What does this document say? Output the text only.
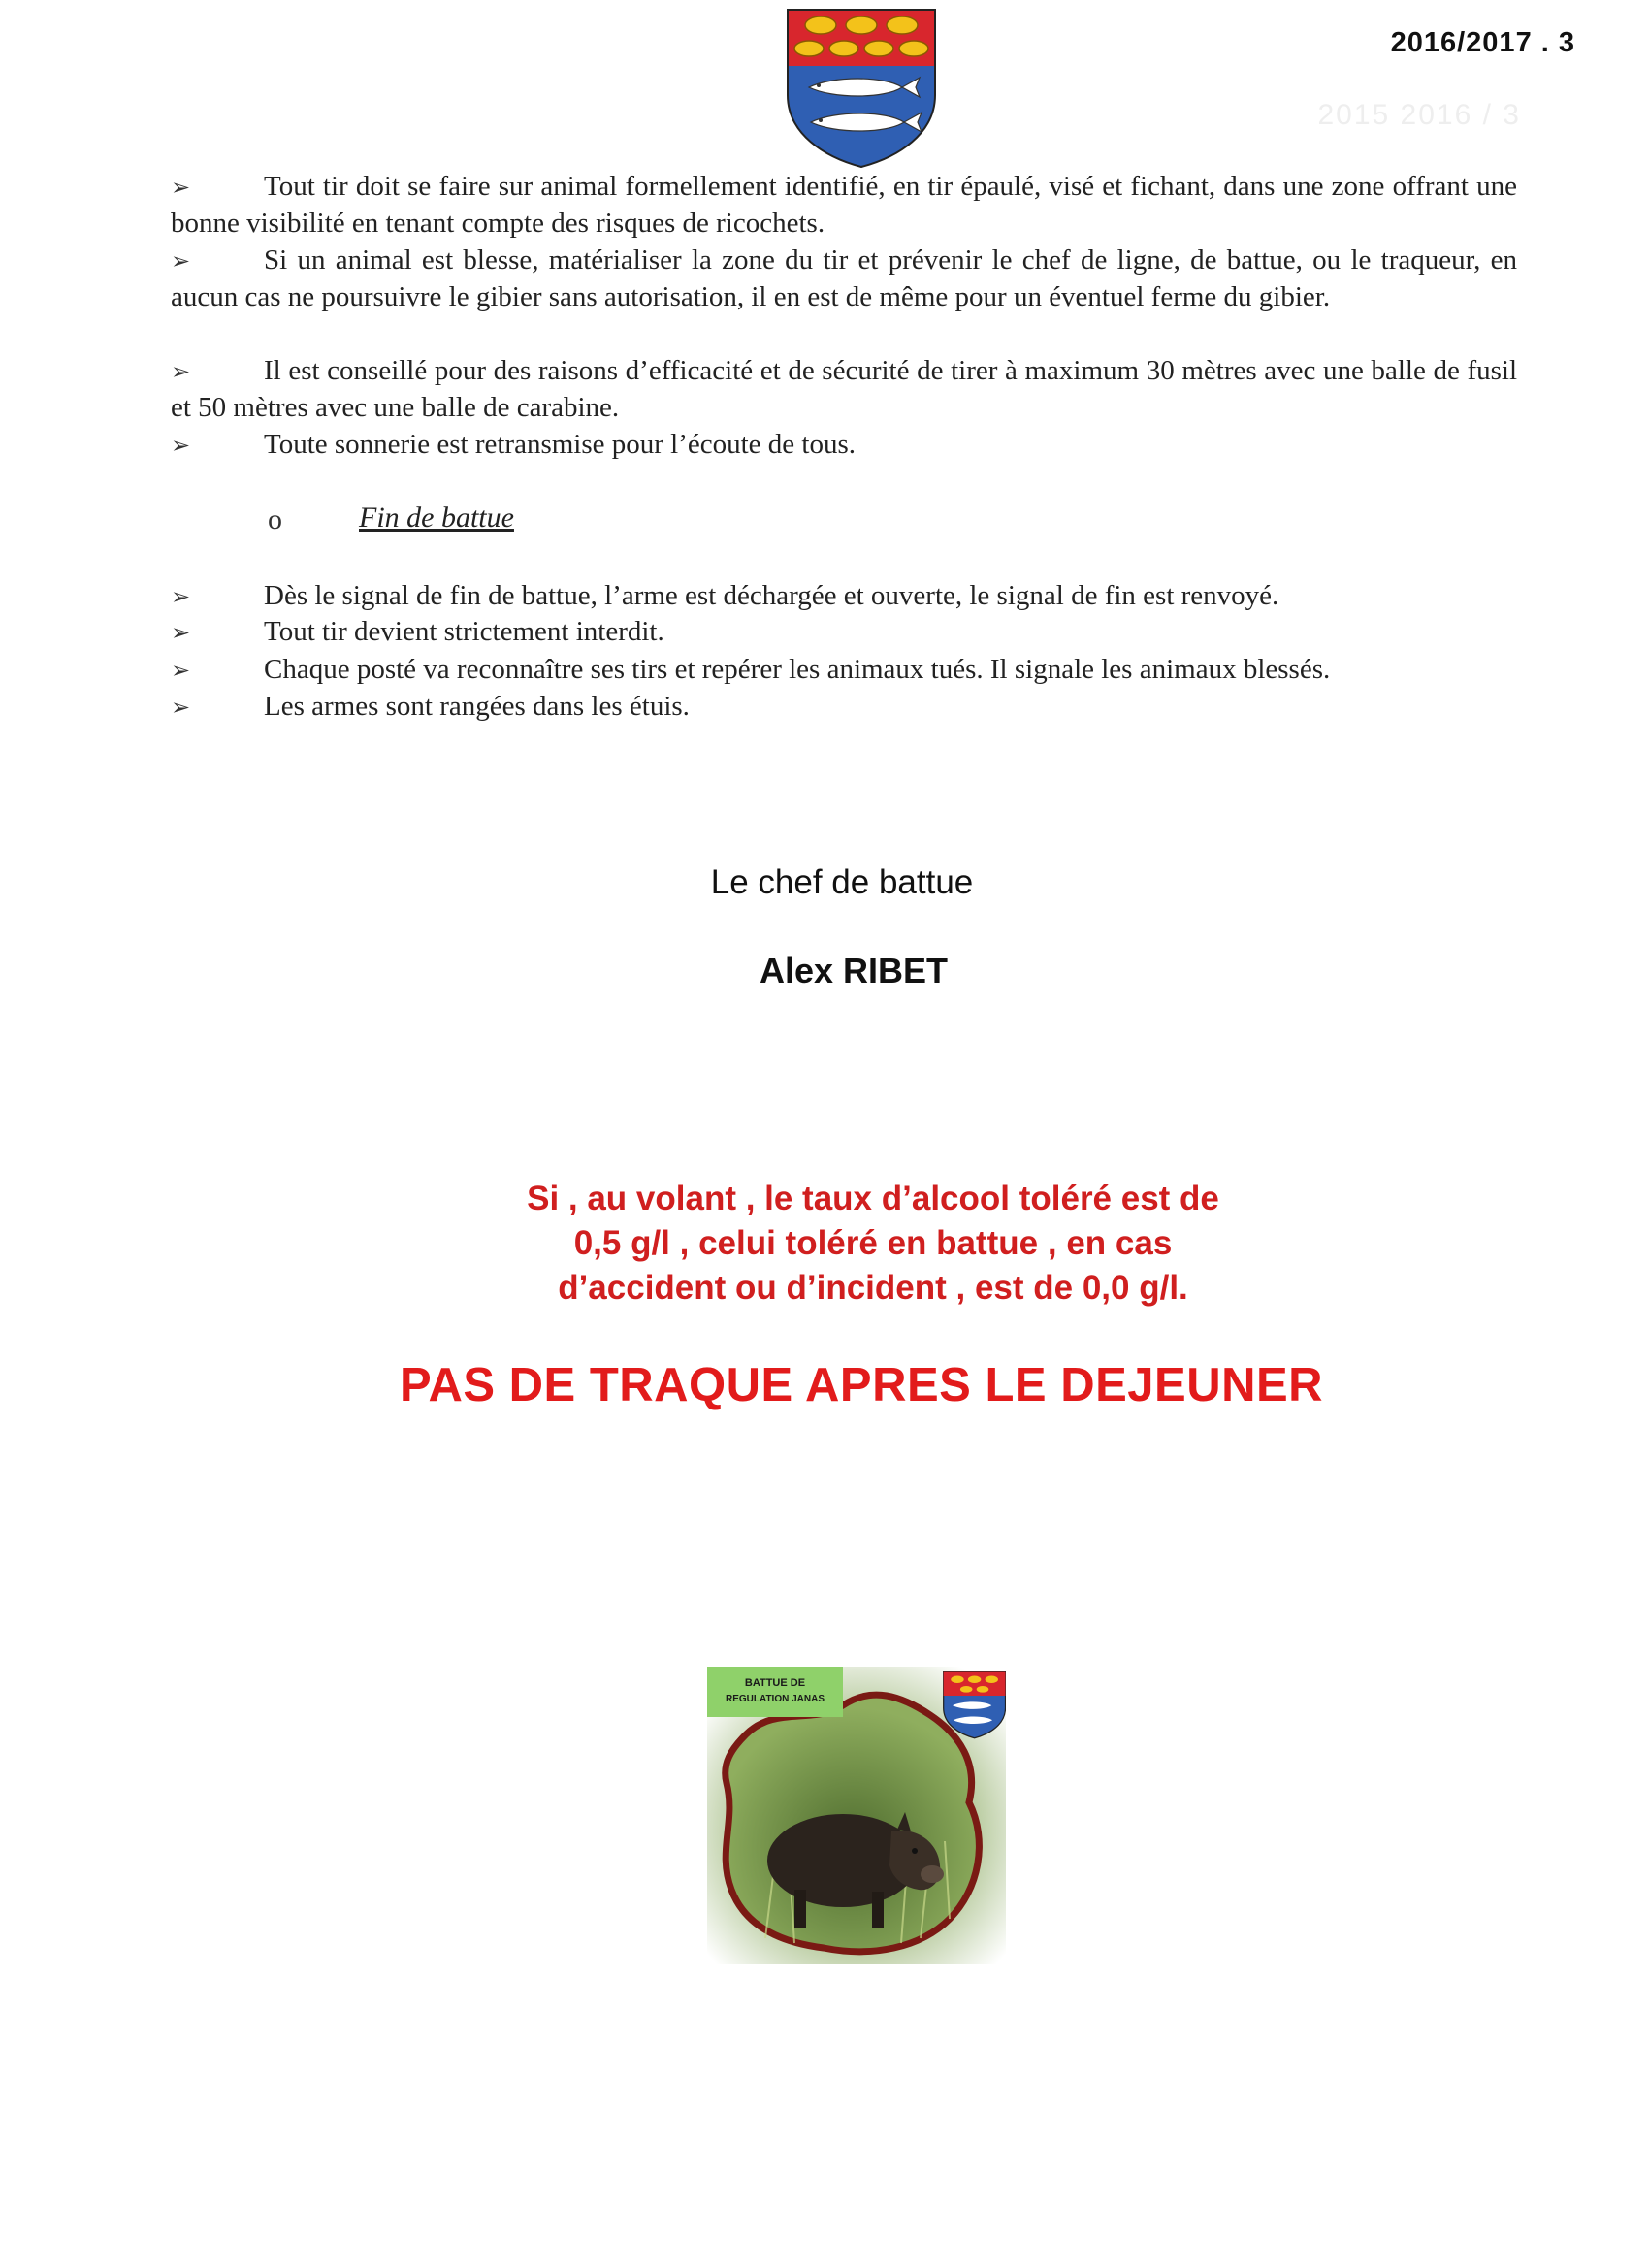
2016/2017 . 3
2015 2016 / 3
➢	Tout tir doit se faire sur animal formellement identifié, en tir épaulé, visé et fichant, dans une zone offrant une bonne visibilité en tenant compte des risques de ricochets.
➢	Si un animal est blesse, matérialiser la zone du tir et prévenir le chef de ligne, de battue, ou le traqueur, en aucun cas ne poursuivre le gibier sans autorisation, il en est de même pour un éventuel ferme du gibier.
➢	Il est conseillé pour des raisons d’efficacité et de sécurité de tirer à maximum 30 mètres avec une balle de fusil et 50 mètres avec une balle de carabine.
➢	Toute sonnerie est retransmise pour l’écoute de tous.
o	Fin de battue
➢	Dès le signal de fin de battue, l’arme est déchargée et ouverte, le signal de fin est renvoyé.
➢	Tout tir devient strictement interdit.
➢	Chaque posté va reconnaître ses tirs et repérer les animaux tués. Il signale les animaux blessés.
➢	Les armes sont rangées dans les étuis.
Le chef de battue
Alex RIBET
Si , au volant , le taux d’alcool toléré est de
0,5 g/l , celui toléré en battue , en cas
d’accident ou d’incident , est de 0,0 g/l.
PAS DE TRAQUE APRES LE DEJEUNER
BATTUE DE
REGULATION JANAS
